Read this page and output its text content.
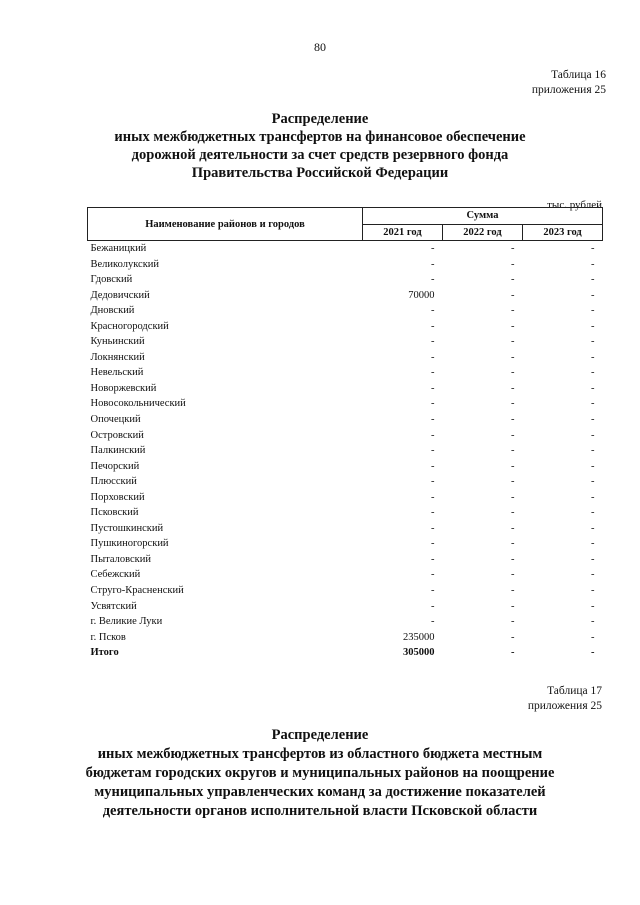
80
Таблица 16
приложения 25
Распределение
иных межбюджетных трансфертов на финансовое обеспечение
дорожной деятельности за счет средств резервного фонда
Правительства Российской Федерации
тыс. рублей
Наименование районов и городов	Сумма		
	2021 год	2022 год	2023 год
Бежаницкий	-	-	-
Великолукский	-	-	-
Гдовский	-	-	-
Дедовичский	70000	-	-
Дновский	-	-	-
Красногородский	-	-	-
Куньинский	-	-	-
Локнянский	-	-	-
Невельский	-	-	-
Новоржевский	-	-	-
Новосокольнический	-	-	-
Опочецкий	-	-	-
Островский	-	-	-
Палкинский	-	-	-
Печорский	-	-	-
Плюсский	-	-	-
Порховский	-	-	-
Псковский	-	-	-
Пустошкинский	-	-	-
Пушкиногорский	-	-	-
Пыталовский	-	-	-
Себежский	-	-	-
Струго-Красненский	-	-	-
Усвятский	-	-	-
г. Великие Луки	-	-	-
г. Псков	235000	-	-
Итого	305000	-	-
Таблица 17
приложения 25
Распределение
иных межбюджетных трансфертов из областного бюджета местным
бюджетам городских округов и муниципальных районов на поощрение
муниципальных управленческих команд за достижение показателей
деятельности органов исполнительной власти Псковской области
